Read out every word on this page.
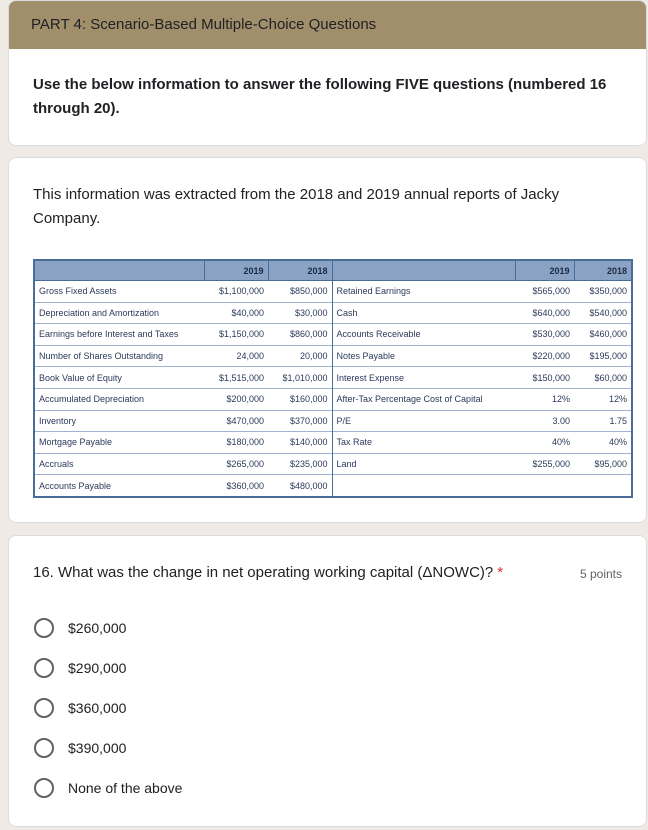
PART 4: Scenario-Based Multiple-Choice Questions
Use the below information to answer the following FIVE questions (numbered 16 through 20).
This information was extracted from the 2018 and 2019 annual reports of Jacky Company.
	2019	2018		2019	2018
Gross Fixed Assets	$1,100,000	$850,000	Retained Earnings	$565,000	$350,000
Depreciation and Amortization	$40,000	$30,000	Cash	$640,000	$540,000
Earnings before Interest and Taxes	$1,150,000	$860,000	Accounts Receivable	$530,000	$460,000
Number of Shares Outstanding	24,000	20,000	Notes Payable	$220,000	$195,000
Book Value of Equity	$1,515,000	$1,010,000	Interest Expense	$150,000	$60,000
Accumulated Depreciation	$200,000	$160,000	After-Tax Percentage Cost of Capital	12%	12%
Inventory	$470,000	$370,000	P/E	3.00	1.75
Mortgage Payable	$180,000	$140,000	Tax Rate	40%	40%
Accruals	$265,000	$235,000	Land	$255,000	$95,000
Accounts Payable	$360,000	$480,000			
16. What was the change in net operating working capital (ΔNOWC)? *	5 points
$260,000
$290,000
$360,000
$390,000
None of the above
